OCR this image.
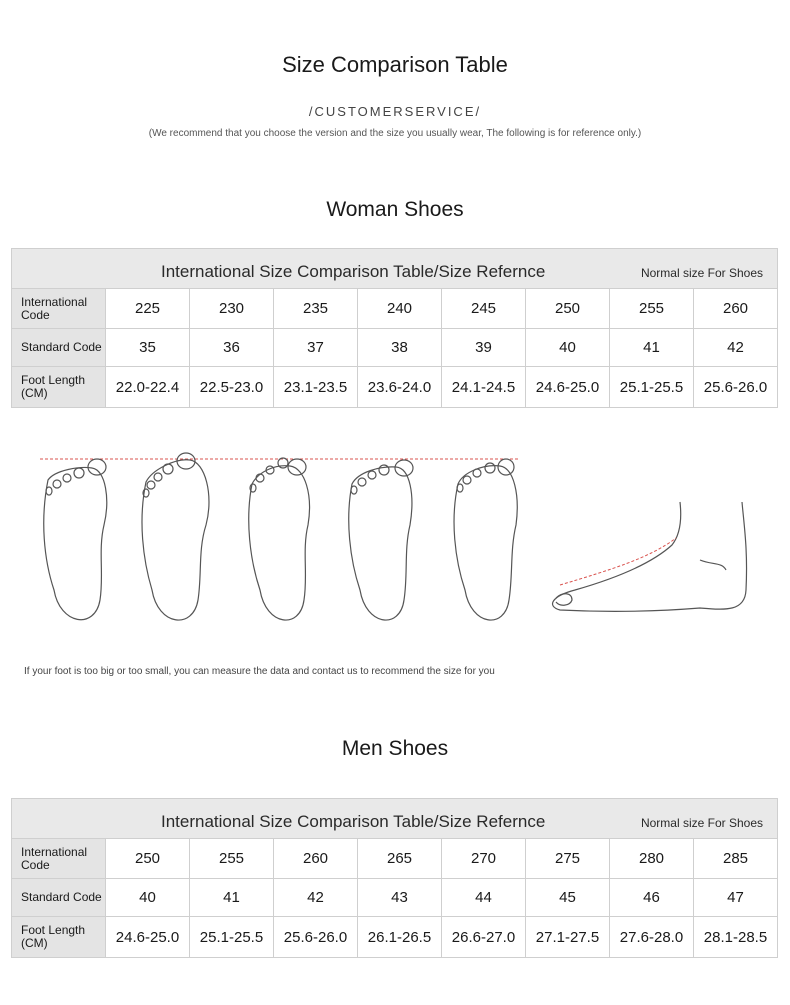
Size Comparison Table
/CUSTOMERSERVICE/
(We recommend that you choose the version and the size you usually wear, The following is for reference only.)
Woman Shoes
International Size Comparison Table/Size Refernce Normal size For Shoes								

International Code	225	230	235	240	245	250	255	260
Standard Code	35	36	37	38	39	40	41	42
Foot Length (CM)	22.0-22.4	22.5-23.0	23.1-23.5	23.6-24.0	24.1-24.5	24.6-25.0	25.1-25.5	25.6-26.0
If your foot is too big or too small, you can measure the data and contact us to recommend the size for you
Men Shoes
International Size Comparison Table/Size Refernce Normal size For Shoes								

International Code	250	255	260	265	270	275	280	285
Standard Code	40	41	42	43	44	45	46	47
Foot Length (CM)	24.6-25.0	25.1-25.5	25.6-26.0	26.1-26.5	26.6-27.0	27.1-27.5	27.6-28.0	28.1-28.5
